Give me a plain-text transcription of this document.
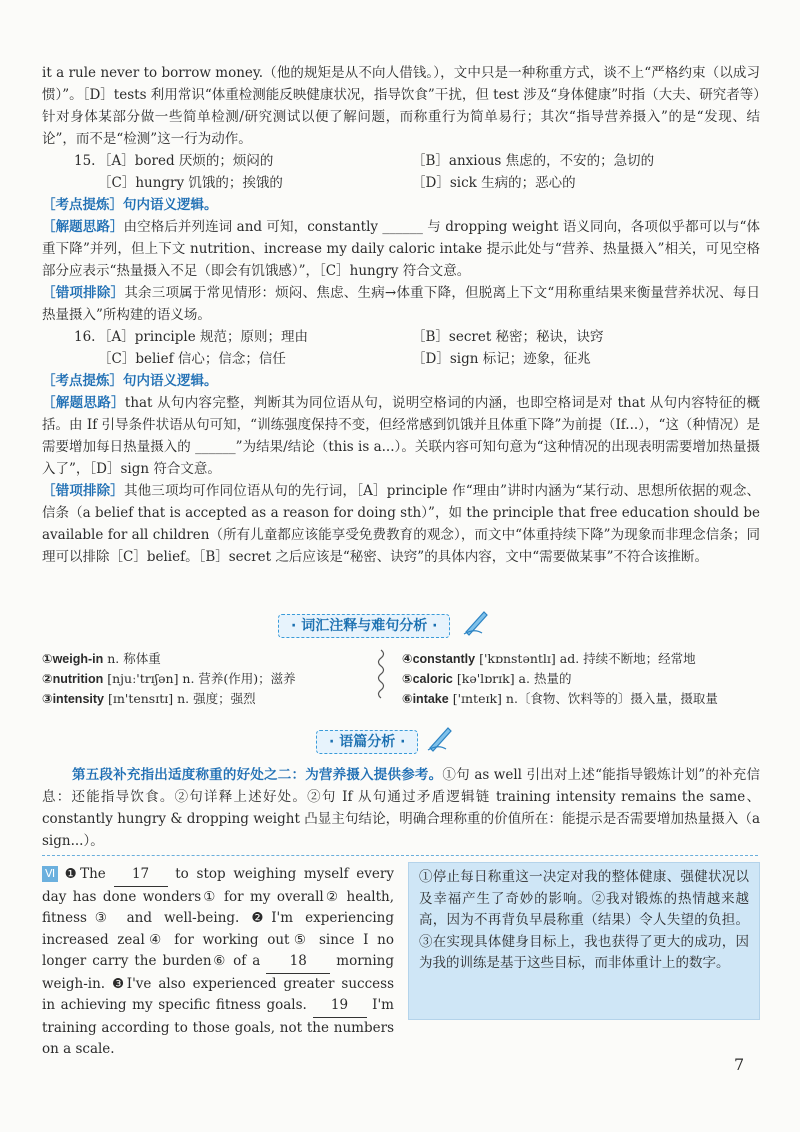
it a rule never to borrow money.（他的规矩是从不向人借钱。），文中只是一种称重方式，谈不上“严格约束（以成习惯）”。［D］tests 利用常识“体重检测能反映健康状况，指导饮食”干扰，但 test 涉及“身体健康”时指（大夫、研究者等）针对身体某部分做一些简单检测/研究测试以便了解问题，而称重行为简单易行；其次“指导营养摄入”的是“发现、结论”，而不是“检测”这一行为动作。
15. ［A］bored 厌烦的；烦闷的	［B］anxious 焦虑的，不安的；急切的
［C］hungry 饥饿的；挨饿的	［D］sick 生病的；恶心的
［考点提炼］句内语义逻辑。
［解题思路］由空格后并列连词 and 可知，constantly ______ 与 dropping weight 语义同向，各项似乎都可以与“体重下降”并列，但上下文 nutrition、increase my daily caloric intake 提示此处与“营养、热量摄入”相关，可见空格部分应表示“热量摄入不足（即会有饥饿感）”，［C］hungry 符合文意。
［错项排除］其余三项属于常见情形：烦闷、焦虑、生病→体重下降，但脱离上下文“用称重结果来衡量营养状况、每日热量摄入”所构建的语义场。
16. ［A］principle 规范；原则；理由	［B］secret 秘密；秘诀，诀窍
［C］belief 信心；信念；信任	［D］sign 标记；迹象，征兆
［考点提炼］句内语义逻辑。
［解题思路］that 从句内容完整，判断其为同位语从句，说明空格词的内涵，也即空格词是对 that 从句内容特征的概括。由 If 引导条件状语从句可知，“训练强度保持不变，但经常感到饥饿并且体重下降”为前提（If...），“这（种情况）是需要增加每日热量摄入的 ______”为结果/结论（this is a...）。关联内容可知句意为“这种情况的出现表明需要增加热量摄入了”，［D］sign 符合文意。
［错项排除］其他三项均可作同位语从句的先行词，［A］principle 作“理由”讲时内涵为“某行动、思想所依据的观念、信条（a belief that is accepted as a reason for doing sth）”，如 the principle that free education should be available for all children（所有儿童都应该能享受免费教育的观念），而文中“体重持续下降”为现象而非理念信条；同理可以排除［C］belief。［B］secret 之后应该是“秘密、诀窍”的具体内容，文中“需要做某事”不符合该推断。
· 词汇注释与难句分析 ·
①weigh-in n. 称体重
②nutrition [njuː'trɪʃən] n. 营养(作用)；滋养
③intensity [ɪn'tensɪtɪ] n. 强度；强烈
④constantly ['kɒnstəntlɪ] ad. 持续不断地；经常地
⑤caloric [kə'lɒrɪk] a. 热量的
⑥intake ['ɪnteɪk] n.〔食物、饮料等的〕摄入量，摄取量
· 语篇分析 ·
第五段补充指出适度称重的好处之二：为营养摄入提供参考。①句 as well 引出对上述“能指导锻炼计划”的补充信息：还能指导饮食。②句详释上述好处。②句 If 从句通过矛盾逻辑链 training intensity remains the same、constantly hungry & dropping weight 凸显主句结论，明确合理称重的价值所在：能提示是否需要增加热量摄入（a sign...）。
Ⅵ ❶The 17 to stop weighing myself every day has done wonders① for my overall② health, fitness③ and well-being. ❷I'm experiencing increased zeal④ for working out⑤ since I no longer carry the burden⑥ of a 18 morning weigh-in. ❸I've also experienced greater success in achieving my specific fitness goals. 19 I'm training according to those goals, not the numbers on a scale.
①停止每日称重这一决定对我的整体健康、强健状况以及幸福产生了奇妙的影响。②我对锻炼的热情越来越高，因为不再背负早晨称重（结果）令人失望的负担。③在实现具体健身目标上，我也获得了更大的成功，因为我的训练是基于这些目标，而非体重计上的数字。
7
